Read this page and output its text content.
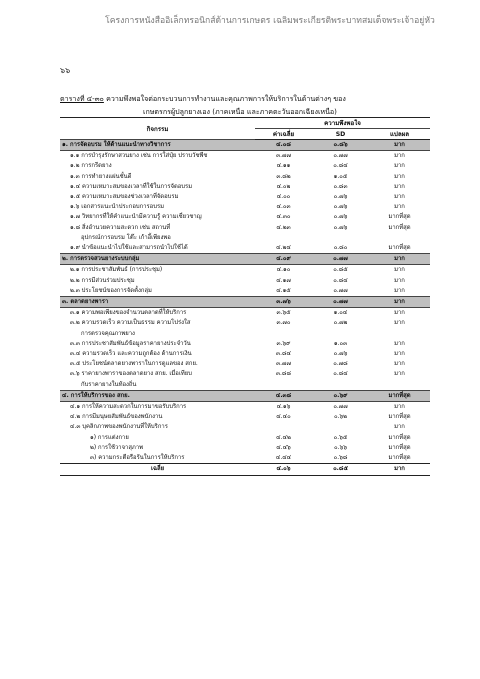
โครงการหนังสืออิเล็กทรอนิกส์ด้านการเกษตร เฉลิมพระเกียรติพระบาทสมเด็จพระเจ้าอยู่หัว
๖๖
ตารางที่ ๔-๓๐ ความพึงพอใจต่อกระบวนการทำงานและคุณภาพการให้บริการในด้านต่างๆ ของ
เกษตรกรผู้ปลูกยางเอง (ภาคเหนือ และภาคตะวันออกเฉียงเหนือ)
กิจกรรม	ความพึงพอใจ		
	ค่าเฉลี่ย	SD	แปลผล
๑. การจัดอบรม ให้ด้านแนะนำทางวิชาการ	๔.๐๘	๐.๘๖	มาก
๑.๑ การบำรุงรักษาสวนยาง เช่น การใส่ปุ๋ย ปราบวัชพืช	๓.๗๗	๐.๗๗	มาก
๑.๒ การกรีดยาง	๔.๑๑	๐.๘๔	มาก
๑.๓ การทำยางแผ่นชั้นดี	๓.๘๒	๑.๐๕	มาก
๑.๔ ความเหมาะสมของเวลาที่ใช้ในการจัดอบรม	๔.๐๒	๐.๘๓	มาก
๑.๕ ความเหมาะสมของช่วงเวลาที่จัดอบรม	๔.๐๐	๐.๗๖	มาก
๑.๖ เอกสารแนะนำประกอบการอบรม	๔.๐๓	๐.๗๖	มาก
๑.๗ วิทยากรที่ให้คำแนะนำมีความรู้ ความเชี่ยวชาญ	๔.๓๐	๐.๗๖	มากที่สุด
๑.๘ สิ่งอำนวยความสะดวก เช่น สถานที่	๔.๒๓	๐.๗๖	มากที่สุด
อุปกรณ์การอบรม โต๊ะ เก้าอี้เพียงพอ			
๑.๙ นำข้อแนะนำไปใช้และสามารถนำไปใช้ได้	๔.๒๔	๐.๘๐	มากที่สุด
๒. การตรวจสวนยางระบบกลุ่ม	๔.๐๙	๐.๗๗	มาก
๒.๑ การประชาสัมพันธ์ (การประชุม)	๔.๑๐	๐.๘๕	มาก
๒.๒ การมีส่วนร่วมประชุม	๔.๑๗	๐.๘๔	มาก
๒.๓ ประโยชน์ของการจัดตั้งกลุ่ม	๔.๑๕	๐.๗๗	มาก
๓. ตลาดยางพารา	๓.๗๖	๐.๗๗	มาก
๓.๑ ความพอเพียงของจำนวนตลาดที่ให้บริการ	๓.๖๕	๑.๐๔	มาก
๓.๒ ความรวดเร็ว ความเป็นธรรม ความโปร่งใส	๓.๗๐	๐.๗๒	มาก
การตรวจคุณภาพยาง			
๓.๓ การประชาสัมพันธ์ข้อมูลราคายางประจำวัน	๓.๖๙	๑.๐๓	มาก
๓.๔ ความรวดเร็ว และความถูกต้อง ด้านการเงิน	๓.๘๔	๐.๗๖	มาก
๓.๕ ประโยชน์ตลาดยางพาราในการดูแลของ สกย.	๓.๗๗	๐.๗๘	มาก
๓.๖ ราคายางพาราของตลาดยาง สกย. เมื่อเทียบ	๓.๘๘	๐.๘๔	มาก
กับราคายางในท้องถิ่น			
๔. การให้บริการของ สกย.	๔.๓๘	๐.๖๙	มากที่สุด
๔.๑ การให้ความสะดวกในการมาขอรับบริการ	๔.๑๖	๐.๗๗	มาก
๔.๒ การมีมนุษยสัมพันธ์ของพนักงาน	๔.๔๐	๐.๖๒	มากที่สุด
๔.๓ บุคลิกภาพของพนักงานที่ให้บริการ			มาก
๑) การแต่งกาย	๔.๔๒	๐.๖๕	มากที่สุด
๒) การใช้วาจาสุภาพ	๔.๔๖	๐.๖๖	มากที่สุด
๓) ความกระตือรือร้นในการให้บริการ	๔.๔๔	๐.๖๘	มากที่สุด
เฉลี่ย	๔.๐๖	๐.๘๕	มาก
